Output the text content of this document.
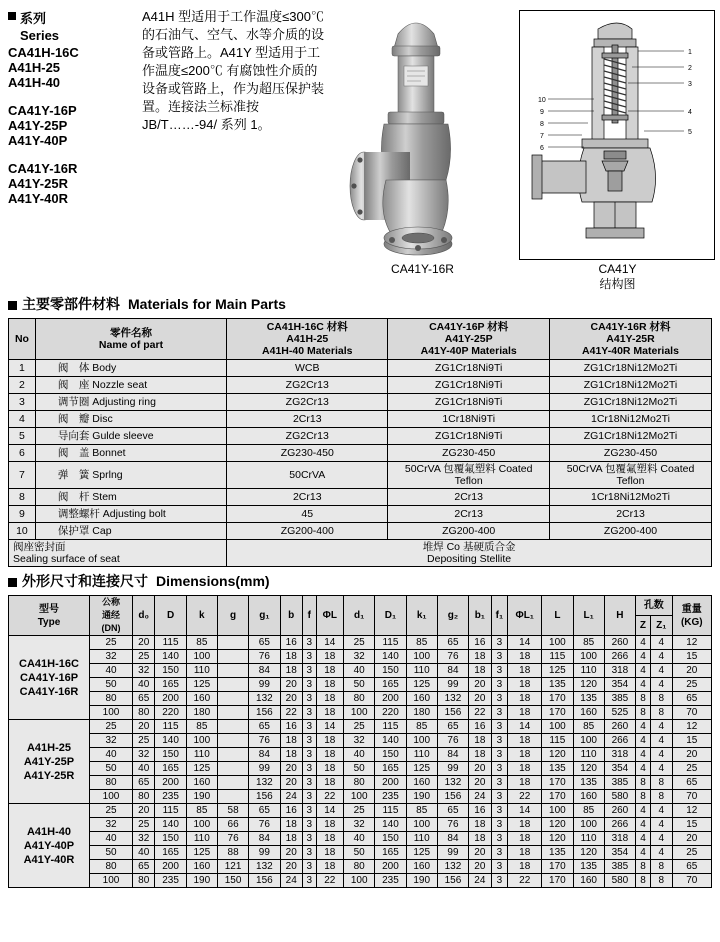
系列
Series
CA41H-16C
A41H-25
A41H-40
CA41Y-16P
A41Y-25P
A41Y-40P
CA41Y-16R
A41Y-25R
A41Y-40R
A41H 型适用于工作温度≤300℃ 的石油气、空气、水等介质的设备或管路上。A41Y 型适用于工作温度≤200℃ 有腐蚀性介质的设备或管路上，作为超压保护装置。连接法兰标准按 JB/T……-94/ 系列 1。
CA41Y-16R
10
9
8
7
6
1
2
3
4
5
CA41Y
结构图
主要零部件材料 Materials for Main Parts
No	零件名称
Name of part

CA41H-16C 材料
A41H-25
A41H-40 Materials

CA41Y-16P 材料
A41Y-25P
A41Y-40P Materials

CA41Y-16R 材料
A41Y-25R
A41Y-40R Materials

1	阀　体 Body	WCB	ZG1Cr18Ni9Ti	ZG1Cr18Ni12Mo2Ti
2	阀　座 Nozzle seat	ZG2Cr13	ZG1Cr18Ni9Ti	ZG1Cr18Ni12Mo2Ti
3	调节圈 Adjusting ring	ZG2Cr13	ZG1Cr18Ni9Ti	ZG1Cr18Ni12Mo2Ti
4	阀　瓣 Disc	2Cr13	1Cr18Ni9Ti	1Cr18Ni12Mo2Ti
5	导向套 Gulde sleeve	ZG2Cr13	ZG1Cr18Ni9Ti	ZG1Cr18Ni12Mo2Ti
6	阀　盖 Bonnet	ZG230-450	ZG230-450	ZG230-450
7	弹　簧 Sprlng	50CrVA	50CrVA 包覆氟塑料 Coated Teflon	50CrVA 包覆氟塑料 Coated Teflon
8	阀　杆 Stem	2Cr13	2Cr13	1Cr18Ni12Mo2Ti
9	调整螺杆 Adjusting bolt	45	2Cr13	2Cr13
10	保护罩 Cap	ZG200-400	ZG200-400	ZG200-400

阀座密封面
Sealing surface of seat

堆焊 Co 基硬质合金
Depositing Stellite
外形尺寸和连接尺寸 Dimensions(mm)
型号
Type

公称
通经
(DN)
	d₀	D	k	g	g₁	b	f	ΦL	d₁	D₁	k₁	g₂	b₁	f₁	ΦL₁	L	L₁	H	孔数	重量
(KG)

																				Z	Z₁	

CA41H-16C
CA41Y-16P
CA41Y-16R	25	20	115	85		65	16	3	14	25	115	85	65	16	3	14	100	85	260	4	4	12
	32	25	140	100		76	18	3	18	32	140	100	76	18	3	18	115	100	266	4	4	15
	40	32	150	110		84	18	3	18	40	150	110	84	18	3	18	125	110	318	4	4	20
	50	40	165	125		99	20	3	18	50	165	125	99	20	3	18	135	120	354	4	4	25
	80	65	200	160		132	20	3	18	80	200	160	132	20	3	18	170	135	385	8	8	65
	100	80	220	180		156	22	3	18	100	220	180	156	22	3	18	170	160	525	8	8	70

A41H-25
A41Y-25P
A41Y-25R	25	20	115	85		65	16	3	14	25	115	85	65	16	3	14	100	85	260	4	4	12
	32	25	140	100		76	18	3	18	32	140	100	76	18	3	18	115	100	266	4	4	15
	40	32	150	110		84	18	3	18	40	150	110	84	18	3	18	120	110	318	4	4	20
	50	40	165	125		99	20	3	18	50	165	125	99	20	3	18	135	120	354	4	4	25
	80	65	200	160		132	20	3	18	80	200	160	132	20	3	18	170	135	385	8	8	65
	100	80	235	190		156	24	3	22	100	235	190	156	24	3	22	170	160	580	8	8	70

A41H-40
A41Y-40P
A41Y-40R	25	20	115	85	58	65	16	3	14	25	115	85	65	16	3	14	100	85	260	4	4	12
	32	25	140	100	66	76	18	3	18	32	140	100	76	18	3	18	120	100	266	4	4	15
	40	32	150	110	76	84	18	3	18	40	150	110	84	18	3	18	120	110	318	4	4	20
	50	40	165	125	88	99	20	3	18	50	165	125	99	20	3	18	135	120	354	4	4	25
	80	65	200	160	121	132	20	3	18	80	200	160	132	20	3	18	170	135	385	8	8	65
	100	80	235	190	150	156	24	3	22	100	235	190	156	24	3	22	170	160	580	8	8	70
